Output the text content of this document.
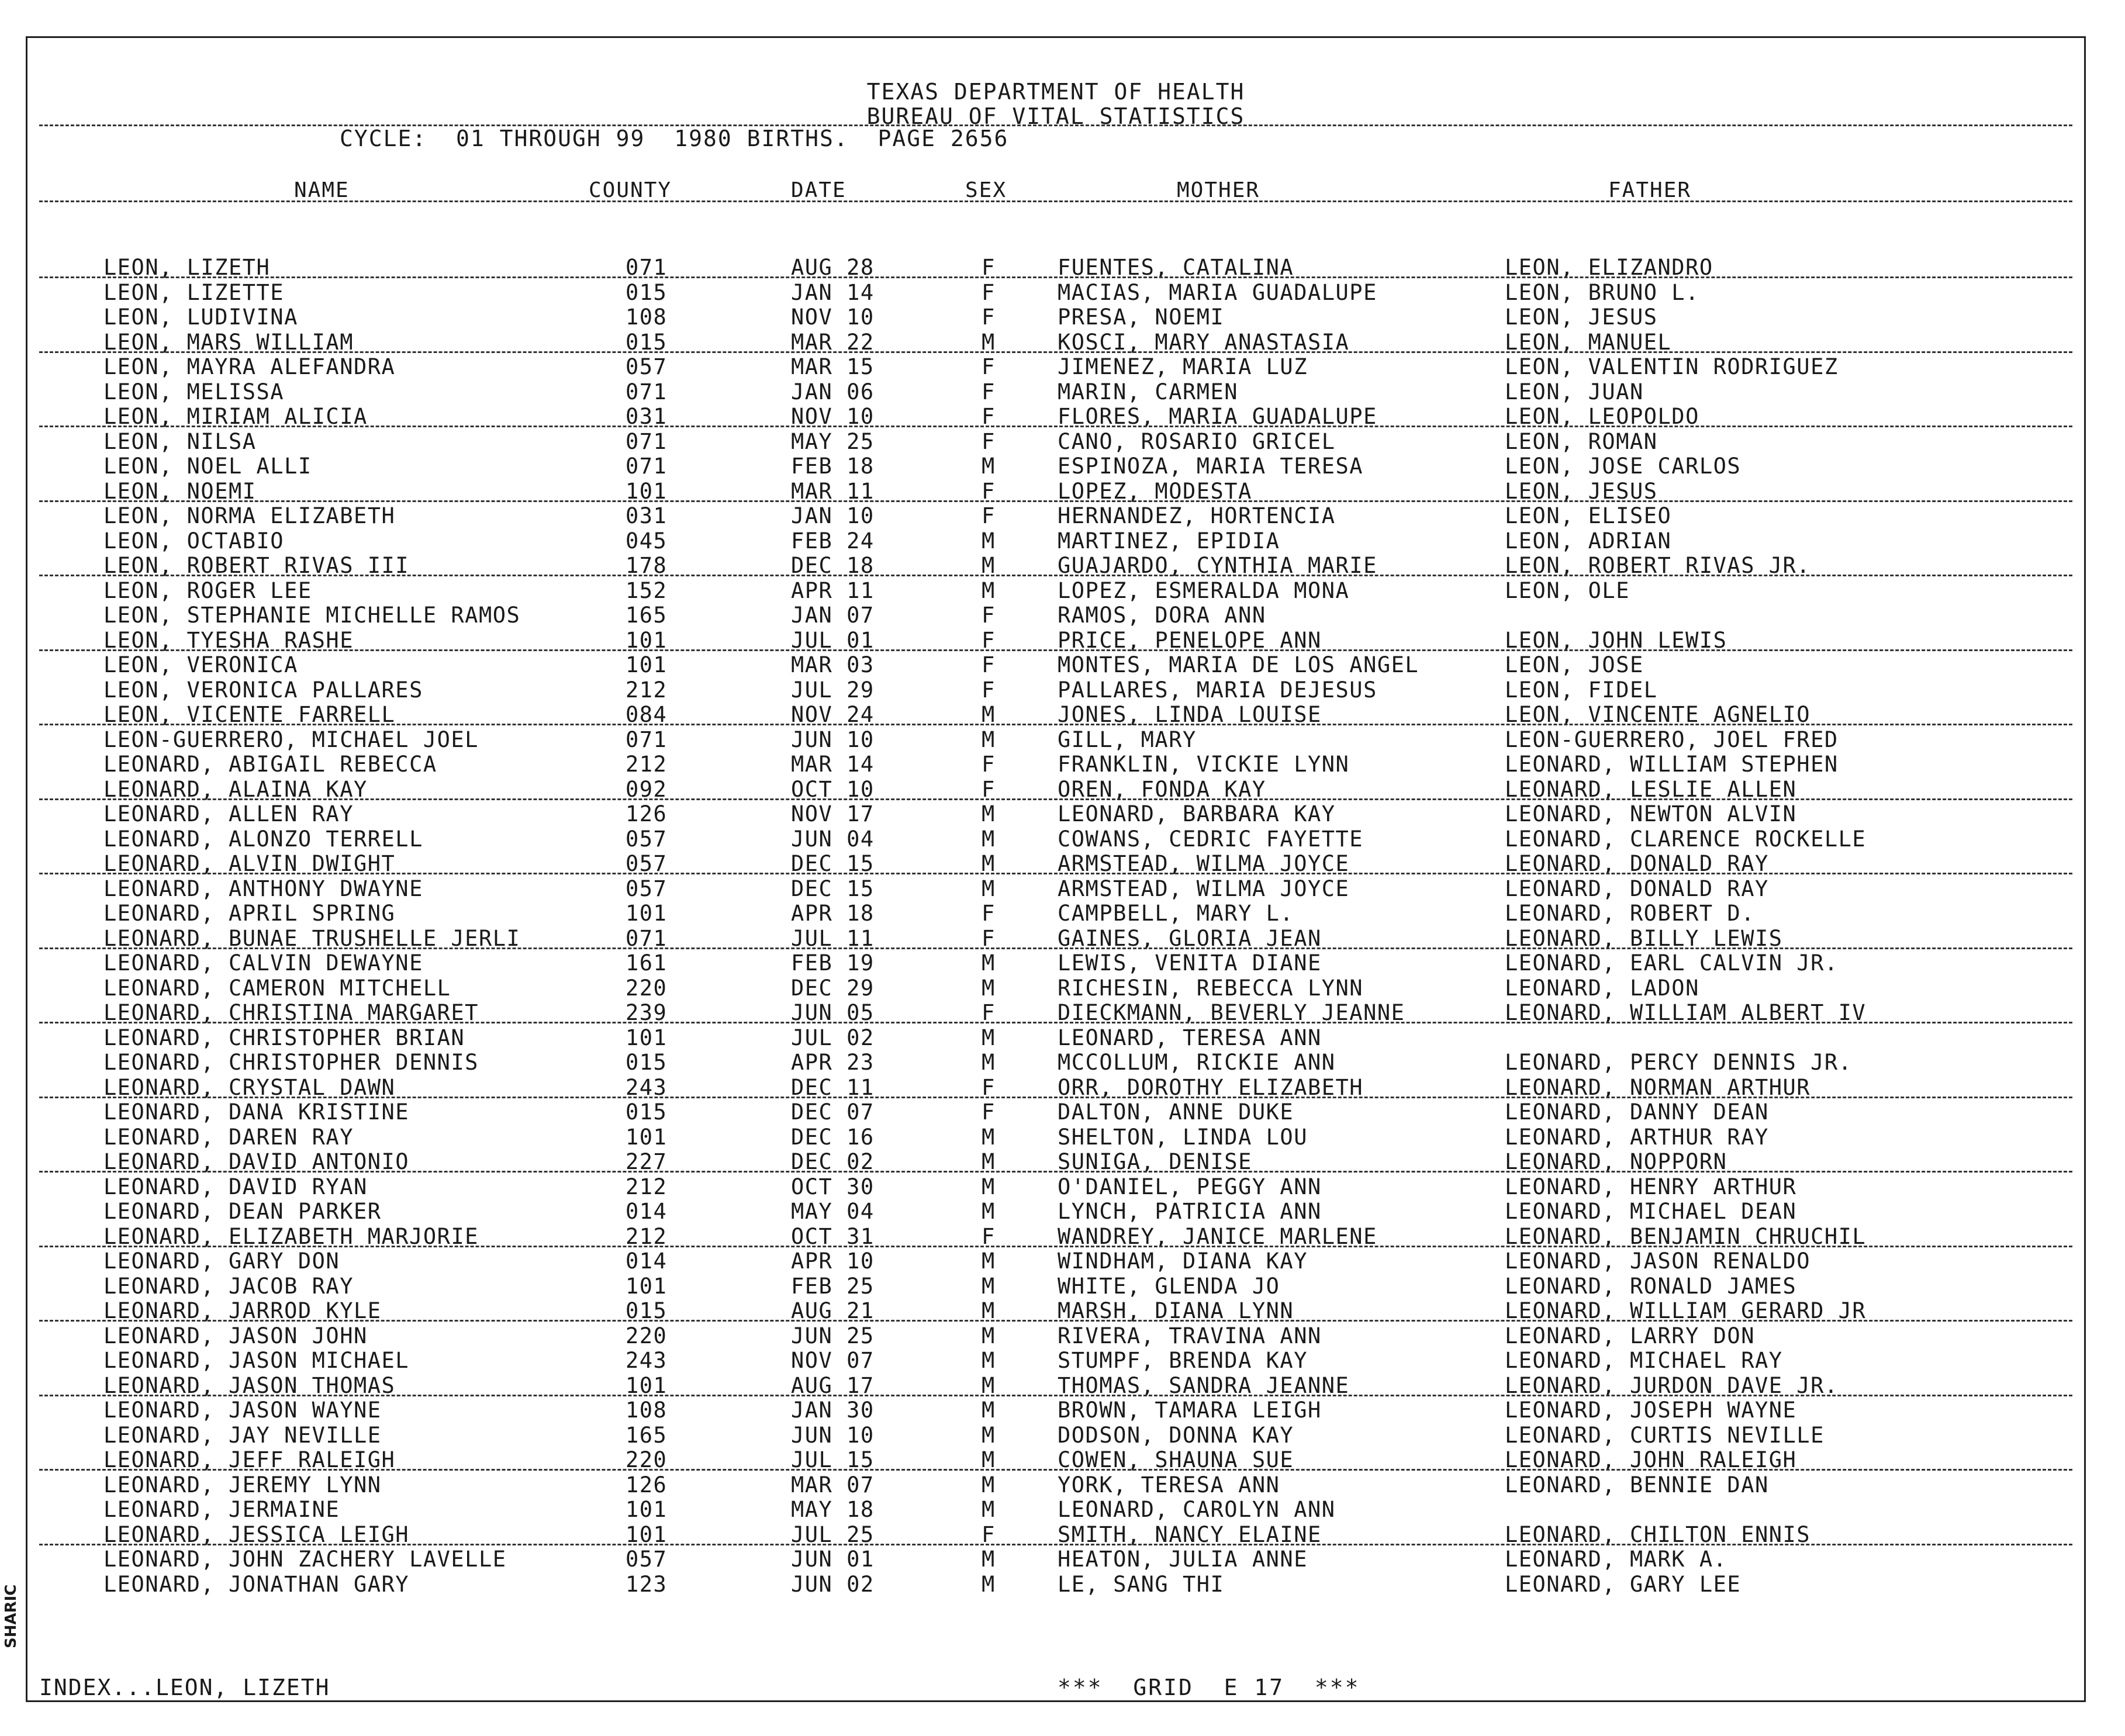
TEXAS DEPARTMENT OF HEALTH
BUREAU OF VITAL STATISTICS
CYCLE:  01 THROUGH 99  1980 BIRTHS.  PAGE 2656
NAME	COUNTY	DATE	SEX	MOTHER	FATHER
LEON, LIZETH	071	AUG 28	F	FUENTES, CATALINA	LEON, ELIZANDRO
LEON, LIZETTE	015	JAN 14	F	MACIAS, MARIA GUADALUPE	LEON, BRUNO L.
LEON, LUDIVINA	108	NOV 10	F	PRESA, NOEMI	LEON, JESUS
LEON, MARS WILLIAM	015	MAR 22	M	KOSCI, MARY ANASTASIA	LEON, MANUEL
LEON, MAYRA ALEFANDRA	057	MAR 15	F	JIMENEZ, MARIA LUZ	LEON, VALENTIN RODRIGUEZ
LEON, MELISSA	071	JAN 06	F	MARIN, CARMEN	LEON, JUAN
LEON, MIRIAM ALICIA	031	NOV 10	F	FLORES, MARIA GUADALUPE	LEON, LEOPOLDO
LEON, NILSA	071	MAY 25	F	CANO, ROSARIO GRICEL	LEON, ROMAN
LEON, NOEL ALLI	071	FEB 18	M	ESPINOZA, MARIA TERESA	LEON, JOSE CARLOS
LEON, NOEMI	101	MAR 11	F	LOPEZ, MODESTA	LEON, JESUS
LEON, NORMA ELIZABETH	031	JAN 10	F	HERNANDEZ, HORTENCIA	LEON, ELISEO
LEON, OCTABIO	045	FEB 24	M	MARTINEZ, EPIDIA	LEON, ADRIAN
LEON, ROBERT RIVAS III	178	DEC 18	M	GUAJARDO, CYNTHIA MARIE	LEON, ROBERT RIVAS JR.
LEON, ROGER LEE	152	APR 11	M	LOPEZ, ESMERALDA MONA	LEON, OLE
LEON, STEPHANIE MICHELLE RAMOS	165	JAN 07	F	RAMOS, DORA ANN
LEON, TYESHA RASHE	101	JUL 01	F	PRICE, PENELOPE ANN	LEON, JOHN LEWIS
LEON, VERONICA	101	MAR 03	F	MONTES, MARIA DE LOS ANGEL	LEON, JOSE
LEON, VERONICA PALLARES	212	JUL 29	F	PALLARES, MARIA DEJESUS	LEON, FIDEL
LEON, VICENTE FARRELL	084	NOV 24	M	JONES, LINDA LOUISE	LEON, VINCENTE AGNELIO
LEON-GUERRERO, MICHAEL JOEL	071	JUN 10	M	GILL, MARY	LEON-GUERRERO, JOEL FRED
LEONARD, ABIGAIL REBECCA	212	MAR 14	F	FRANKLIN, VICKIE LYNN	LEONARD, WILLIAM STEPHEN
LEONARD, ALAINA KAY	092	OCT 10	F	OREN, FONDA KAY	LEONARD, LESLIE ALLEN
LEONARD, ALLEN RAY	126	NOV 17	M	LEONARD, BARBARA KAY	LEONARD, NEWTON ALVIN
LEONARD, ALONZO TERRELL	057	JUN 04	M	COWANS, CEDRIC FAYETTE	LEONARD, CLARENCE ROCKELLE
LEONARD, ALVIN DWIGHT	057	DEC 15	M	ARMSTEAD, WILMA JOYCE	LEONARD, DONALD RAY
LEONARD, ANTHONY DWAYNE	057	DEC 15	M	ARMSTEAD, WILMA JOYCE	LEONARD, DONALD RAY
LEONARD, APRIL SPRING	101	APR 18	F	CAMPBELL, MARY L.	LEONARD, ROBERT D.
LEONARD, BUNAE TRUSHELLE JERLI	071	JUL 11	F	GAINES, GLORIA JEAN	LEONARD, BILLY LEWIS
LEONARD, CALVIN DEWAYNE	161	FEB 19	M	LEWIS, VENITA DIANE	LEONARD, EARL CALVIN JR.
LEONARD, CAMERON MITCHELL	220	DEC 29	M	RICHESIN, REBECCA LYNN	LEONARD, LADON
LEONARD, CHRISTINA MARGARET	239	JUN 05	F	DIECKMANN, BEVERLY JEANNE	LEONARD, WILLIAM ALBERT IV
LEONARD, CHRISTOPHER BRIAN	101	JUL 02	M	LEONARD, TERESA ANN
LEONARD, CHRISTOPHER DENNIS	015	APR 23	M	MCCOLLUM, RICKIE ANN	LEONARD, PERCY DENNIS JR.
LEONARD, CRYSTAL DAWN	243	DEC 11	F	ORR, DOROTHY ELIZABETH	LEONARD, NORMAN ARTHUR
LEONARD, DANA KRISTINE	015	DEC 07	F	DALTON, ANNE DUKE	LEONARD, DANNY DEAN
LEONARD, DAREN RAY	101	DEC 16	M	SHELTON, LINDA LOU	LEONARD, ARTHUR RAY
LEONARD, DAVID ANTONIO	227	DEC 02	M	SUNIGA, DENISE	LEONARD, NOPPORN
LEONARD, DAVID RYAN	212	OCT 30	M	O'DANIEL, PEGGY ANN	LEONARD, HENRY ARTHUR
LEONARD, DEAN PARKER	014	MAY 04	M	LYNCH, PATRICIA ANN	LEONARD, MICHAEL DEAN
LEONARD, ELIZABETH MARJORIE	212	OCT 31	F	WANDREY, JANICE MARLENE	LEONARD, BENJAMIN CHRUCHIL
LEONARD, GARY DON	014	APR 10	M	WINDHAM, DIANA KAY	LEONARD, JASON RENALDO
LEONARD, JACOB RAY	101	FEB 25	M	WHITE, GLENDA JO	LEONARD, RONALD JAMES
LEONARD, JARROD KYLE	015	AUG 21	M	MARSH, DIANA LYNN	LEONARD, WILLIAM GERARD JR
LEONARD, JASON JOHN	220	JUN 25	M	RIVERA, TRAVINA ANN	LEONARD, LARRY DON
LEONARD, JASON MICHAEL	243	NOV 07	M	STUMPF, BRENDA KAY	LEONARD, MICHAEL RAY
LEONARD, JASON THOMAS	101	AUG 17	M	THOMAS, SANDRA JEANNE	LEONARD, JURDON DAVE JR.
LEONARD, JASON WAYNE	108	JAN 30	M	BROWN, TAMARA LEIGH	LEONARD, JOSEPH WAYNE
LEONARD, JAY NEVILLE	165	JUN 10	M	DODSON, DONNA KAY	LEONARD, CURTIS NEVILLE
LEONARD, JEFF RALEIGH	220	JUL 15	M	COWEN, SHAUNA SUE	LEONARD, JOHN RALEIGH
LEONARD, JEREMY LYNN	126	MAR 07	M	YORK, TERESA ANN	LEONARD, BENNIE DAN
LEONARD, JERMAINE	101	MAY 18	M	LEONARD, CAROLYN ANN
LEONARD, JESSICA LEIGH	101	JUL 25	F	SMITH, NANCY ELAINE	LEONARD, CHILTON ENNIS
LEONARD, JOHN ZACHERY LAVELLE	057	JUN 01	M	HEATON, JULIA ANNE	LEONARD, MARK A.
LEONARD, JONATHAN GARY	123	JUN 02	M	LE, SANG THI	LEONARD, GARY LEE
INDEX...LEON, LIZETH	***  GRID  E 17  ***
SHARIC
